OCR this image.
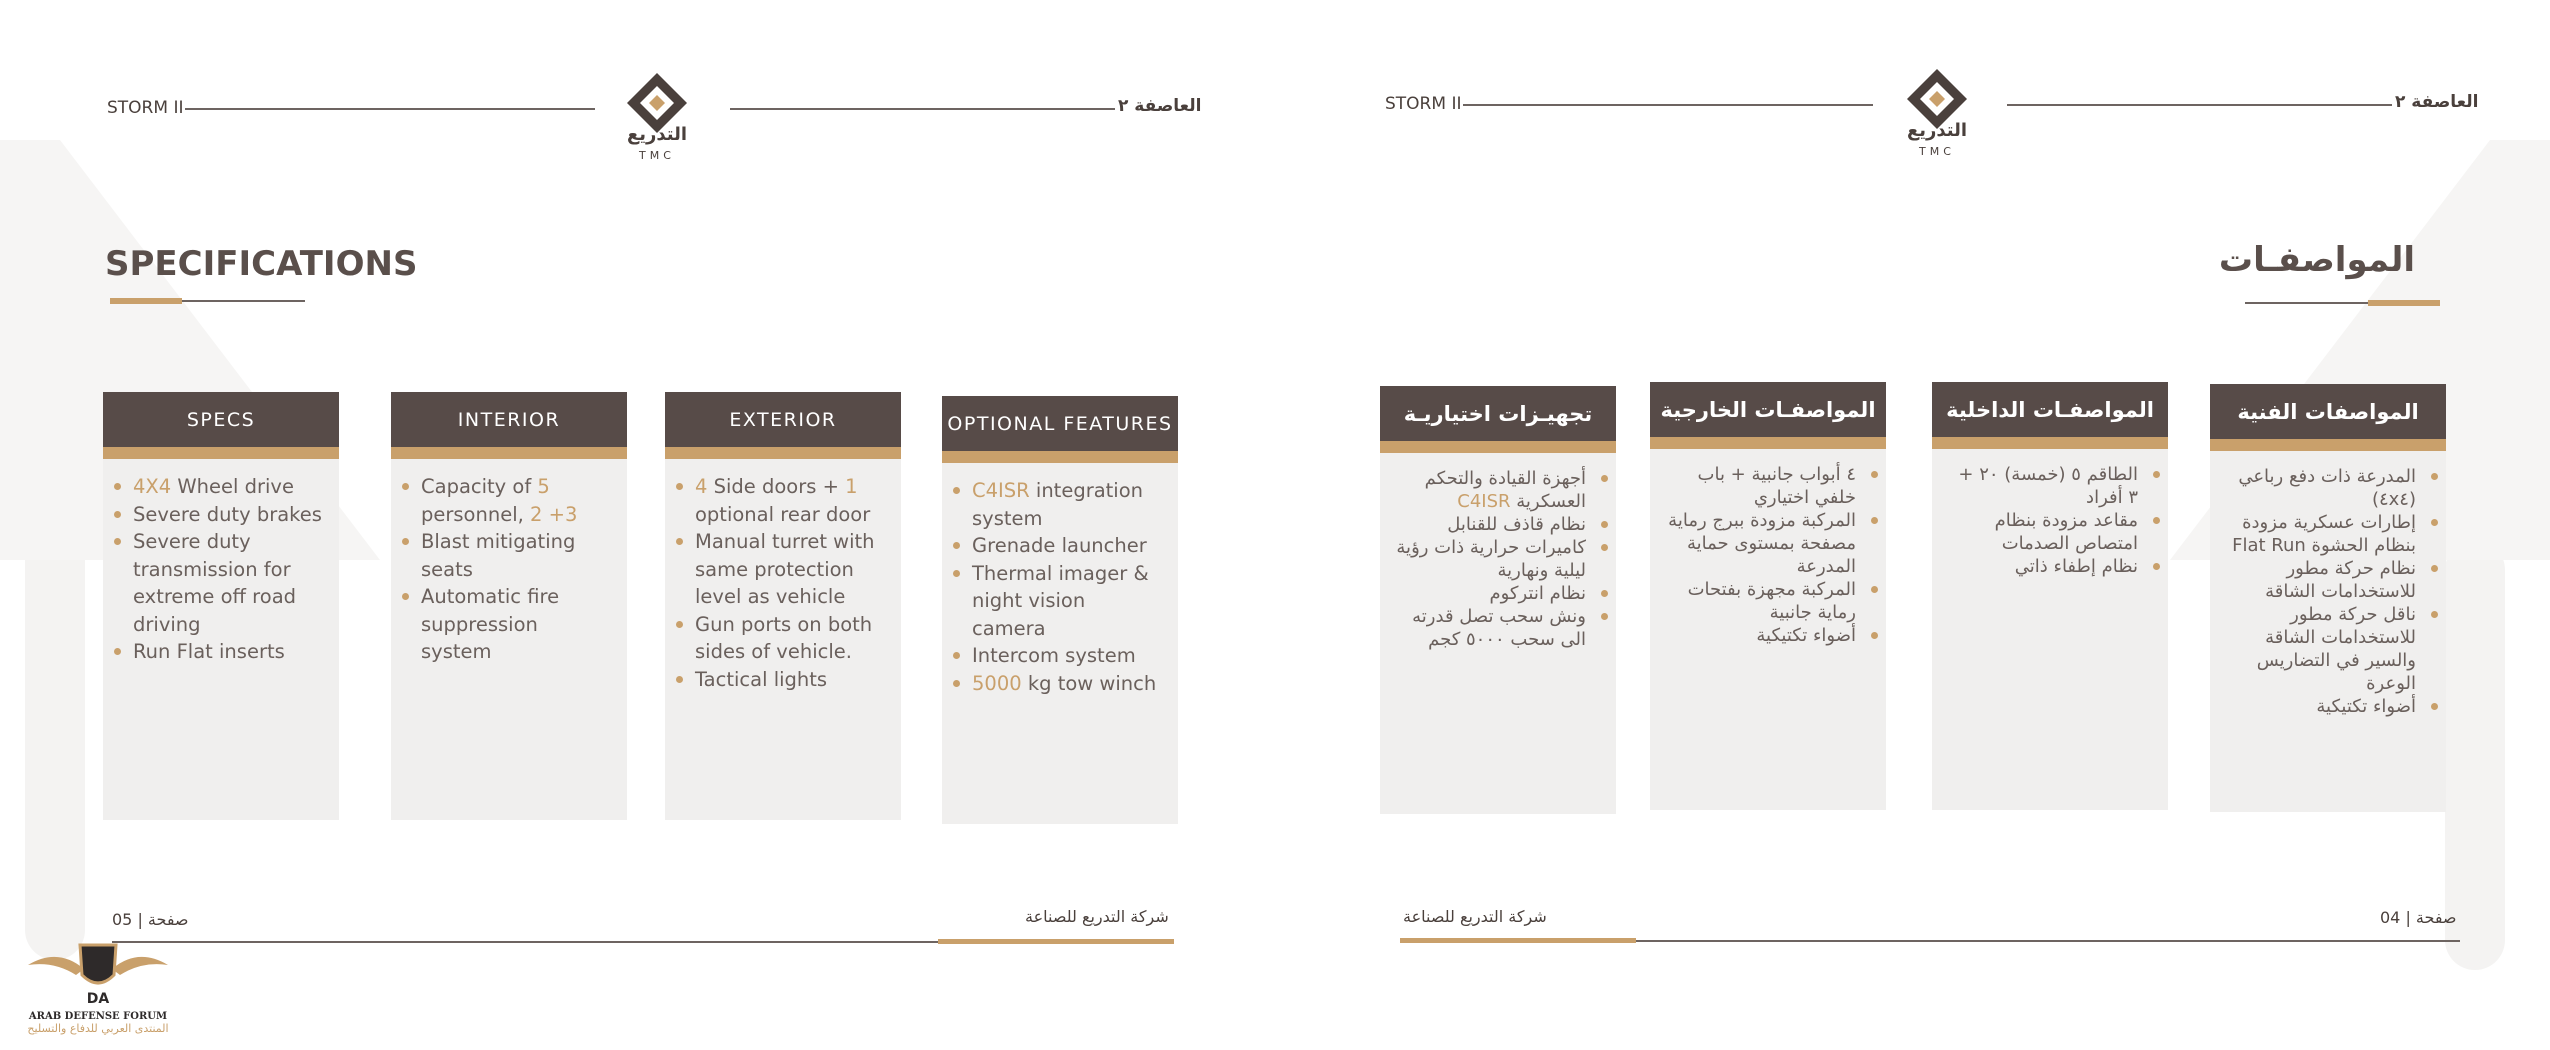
STORM II	العاصفة ٢
التدريع
TMC
SPECIFICATIONS
SPECS
4X4 Wheel drive
Severe duty brakes
Severe duty transmission for extreme off road driving
Run Flat inserts
INTERIOR
Capacity of 5 personnel, 2 +3
Blast mitigating seats
Automatic fire suppression system
EXTERIOR
4 Side doors + 1 optional rear door
Manual turret with same protection level as vehicle
Gun ports on both sides of vehicle.
Tactical lights
OPTIONAL FEATURES
C4ISR integration system
Grenade launcher
Thermal imager & night vision camera
Intercom system
5000 kg tow winch
05 | صفحة	شركة التدريع للصناعة
STORM II	العاصفة ٢
التدريع
TMC
المواصفـات
المواصفات الفنية
المدرعة ذات دفع رباعي (٤x٤)
إطارات عسكرية مزودة بنظام الحشوة Flat Run
نظام حركة مطور للاستخدامات الشاقة
ناقل حركة مطور للاستخدامات الشاقة والسير في التضاريس الوعرة
أضواء تكتيكية
المواصفـات الداخلية
الطاقم ٥ (خمسة) ٢٠ + ٣ أفراد
مقاعد مزودة بنظام امتصاص الصدمات
نظام إطفاء ذاتي
المواصفـات الخارجية
٤ أبواب جانبية + باب خلفي اختياري
المركبة مزودة ببرج رماية مصفحة بمستوى حماية المدرعة
المركبة مجهزة بفتحات رماية جانبية
أضواء تكتيكية
تجهيـزات اختياريـة
أجهزة القيادة والتحكم العسكرية C4ISR
نظام قاذف للقنابل
كاميرات حرارية ذات رؤية ليلية ونهارية
نظام انتركوم
ونش سحب تصل قدرته الى سحب ٥٠٠٠ كجم
شركة التدريع للصناعة	04 | صفحة
DA
ARAB DEFENSE FORUM
المنتدى العربي للدفاع والتسليح
